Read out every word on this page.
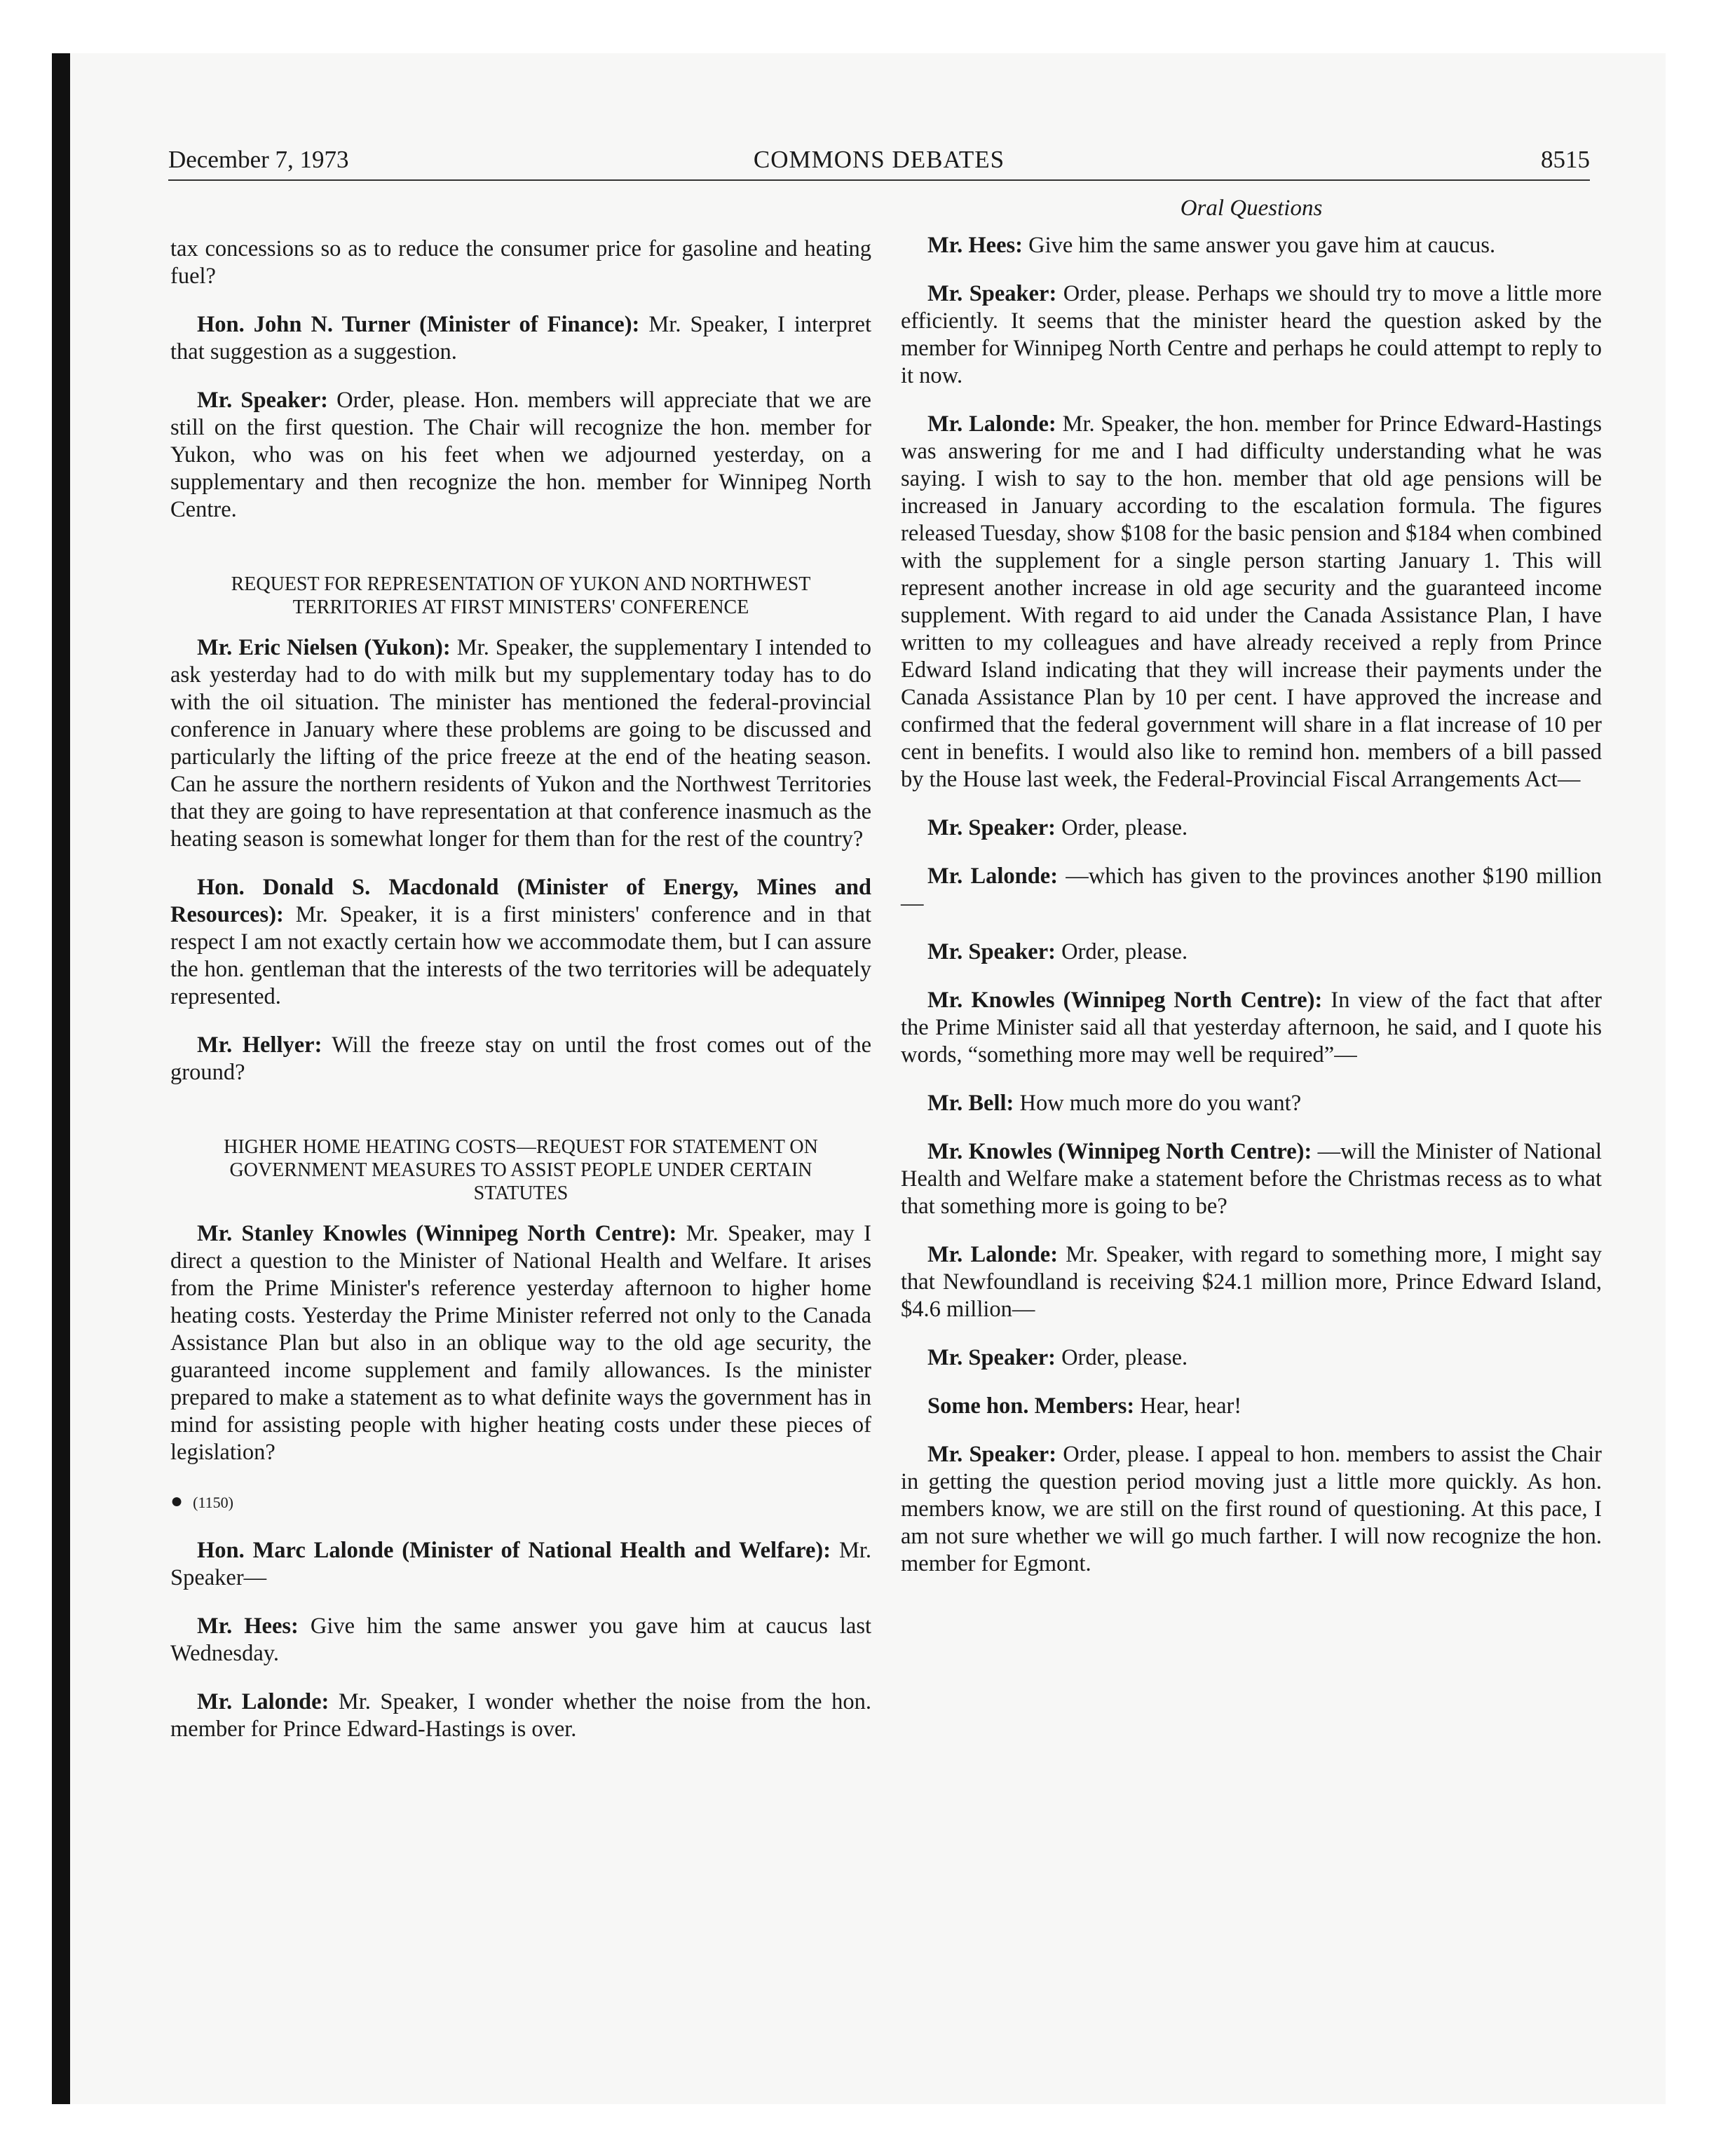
COMMONS DEBATES
December 7, 1973	8515

tax concessions so as to reduce the consumer price for gasoline and heating fuel?

Hon. John N. Turner (Minister of Finance): Mr. Speaker, I interpret that suggestion as a suggestion.

Mr. Speaker: Order, please. Hon. members will appreciate that we are still on the first question. The Chair will recognize the hon. member for Yukon, who was on his feet when we adjourned yesterday, on a supplementary and then recognize the hon. member for Winnipeg North Centre.

REQUEST FOR REPRESENTATION OF YUKON AND NORTHWEST TERRITORIES AT FIRST MINISTERS' CONFERENCE

Mr. Eric Nielsen (Yukon): Mr. Speaker, the supplementary I intended to ask yesterday had to do with milk but my supplementary today has to do with the oil situation. The minister has mentioned the federal-provincial conference in January where these problems are going to be discussed and particularly the lifting of the price freeze at the end of the heating season. Can he assure the northern residents of Yukon and the Northwest Territories that they are going to have representation at that conference inasmuch as the heating season is somewhat longer for them than for the rest of the country?

Hon. Donald S. Macdonald (Minister of Energy, Mines and Resources): Mr. Speaker, it is a first ministers' conference and in that respect I am not exactly certain how we accommodate them, but I can assure the hon. gentleman that the interests of the two territories will be adequately represented.

Mr. Hellyer: Will the freeze stay on until the frost comes out of the ground?

HIGHER HOME HEATING COSTS—REQUEST FOR STATEMENT ON GOVERNMENT MEASURES TO ASSIST PEOPLE UNDER CERTAIN STATUTES

Mr. Stanley Knowles (Winnipeg North Centre): Mr. Speaker, may I direct a question to the Minister of National Health and Welfare. It arises from the Prime Minister's reference yesterday afternoon to higher home heating costs. Yesterday the Prime Minister referred not only to the Canada Assistance Plan but also in an oblique way to the old age security, the guaranteed income supplement and family allowances. Is the minister prepared to make a statement as to what definite ways the government has in mind for assisting people with higher heating costs under these pieces of legislation?

● (1150)

Hon. Marc Lalonde (Minister of National Health and Welfare): Mr. Speaker—

Mr. Hees: Give him the same answer you gave him at caucus last Wednesday.

Mr. Lalonde: Mr. Speaker, I wonder whether the noise from the hon. member for Prince Edward-Hastings is over.

Oral Questions

Mr. Hees: Give him the same answer you gave him at caucus.

Mr. Speaker: Order, please. Perhaps we should try to move a little more efficiently. It seems that the minister heard the question asked by the member for Winnipeg North Centre and perhaps he could attempt to reply to it now.

Mr. Lalonde: Mr. Speaker, the hon. member for Prince Edward-Hastings was answering for me and I had difficulty understanding what he was saying. I wish to say to the hon. member that old age pensions will be increased in January according to the escalation formula. The figures released Tuesday, show $108 for the basic pension and $184 when combined with the supplement for a single person starting January 1. This will represent another increase in old age security and the guaranteed income supplement. With regard to aid under the Canada Assistance Plan, I have written to my colleagues and have already received a reply from Prince Edward Island indicating that they will increase their payments under the Canada Assistance Plan by 10 per cent. I have approved the increase and confirmed that the federal government will share in a flat increase of 10 per cent in benefits. I would also like to remind hon. members of a bill passed by the House last week, the Federal-Provincial Fiscal Arrangements Act—

Mr. Speaker: Order, please.

Mr. Lalonde: —which has given to the provinces another $190 million—

Mr. Speaker: Order, please.

Mr. Knowles (Winnipeg North Centre): In view of the fact that after the Prime Minister said all that yesterday afternoon, he said, and I quote his words, “something more may well be required”—

Mr. Bell: How much more do you want?

Mr. Knowles (Winnipeg North Centre): —will the Minister of National Health and Welfare make a statement before the Christmas recess as to what that something more is going to be?

Mr. Lalonde: Mr. Speaker, with regard to something more, I might say that Newfoundland is receiving $24.1 million more, Prince Edward Island, $4.6 million—

Mr. Speaker: Order, please.

Some hon. Members: Hear, hear!

Mr. Speaker: Order, please. I appeal to hon. members to assist the Chair in getting the question period moving just a little more quickly. As hon. members know, we are still on the first round of questioning. At this pace, I am not sure whether we will go much farther. I will now recognize the hon. member for Egmont.
